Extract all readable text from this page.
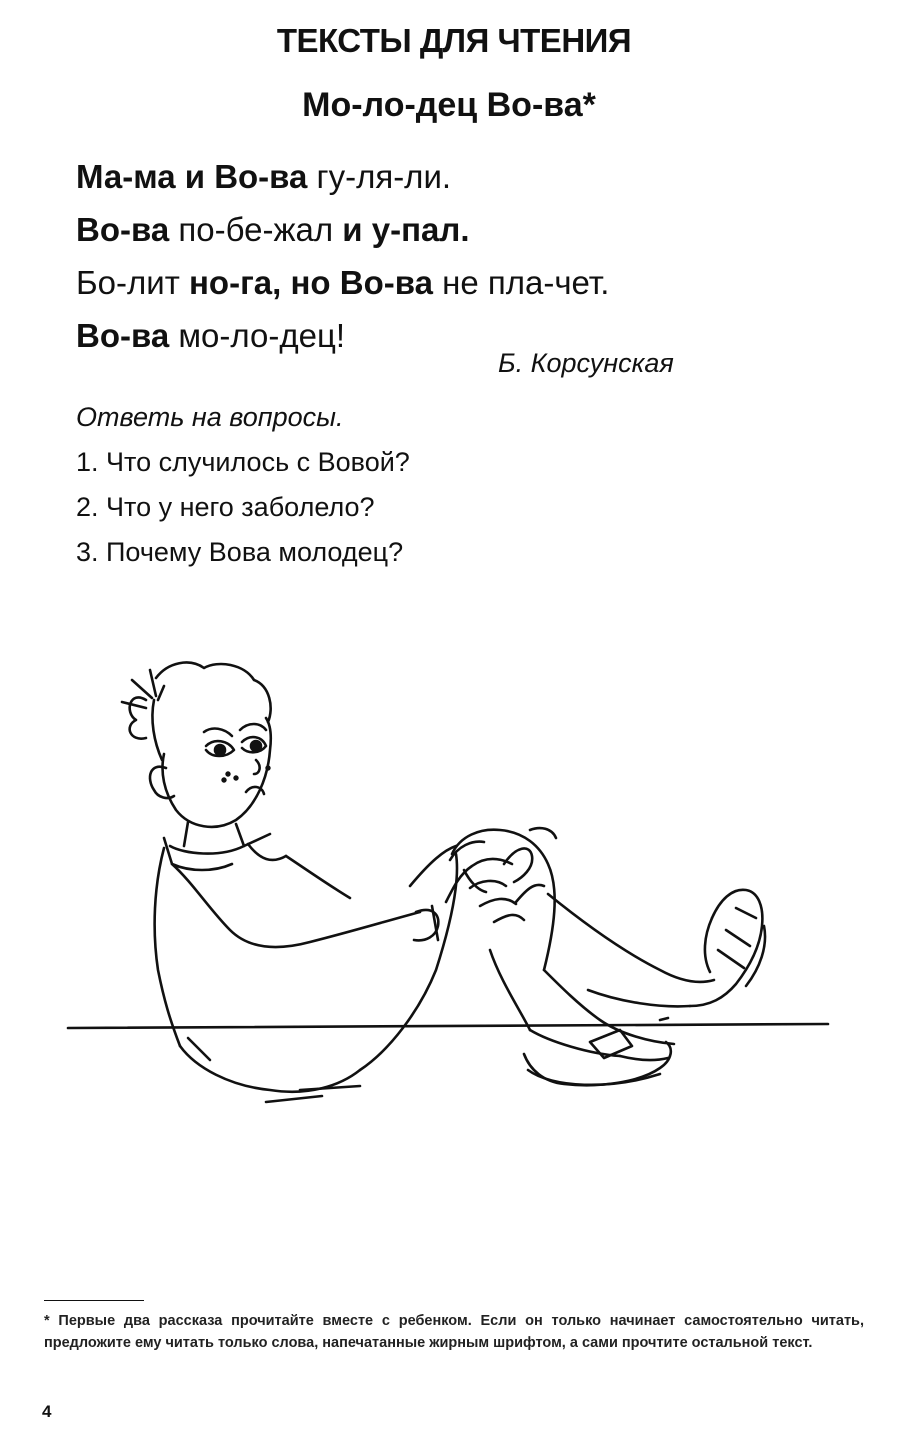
ТЕКСТЫ ДЛЯ ЧТЕНИЯ
Мо-ло-дец Во-ва*
Ма-ма и Во-ва гу-ля-ли.
Во-ва по-бе-жал и у-пал.
Бо-лит но-га, но Во-ва не пла-чет.
Во-ва мо-ло-дец!
Б. Корсунская
Ответь на вопросы.
1. Что случилось с Вовой?
2. Что у него заболело?
3. Почему Вова молодец?
* Первые два рассказа прочитайте вместе с ребенком. Если он только начинает самостоятельно читать, предложите ему читать только слова, напечатанные жирным шрифтом, а сами прочтите остальной текст.
4
